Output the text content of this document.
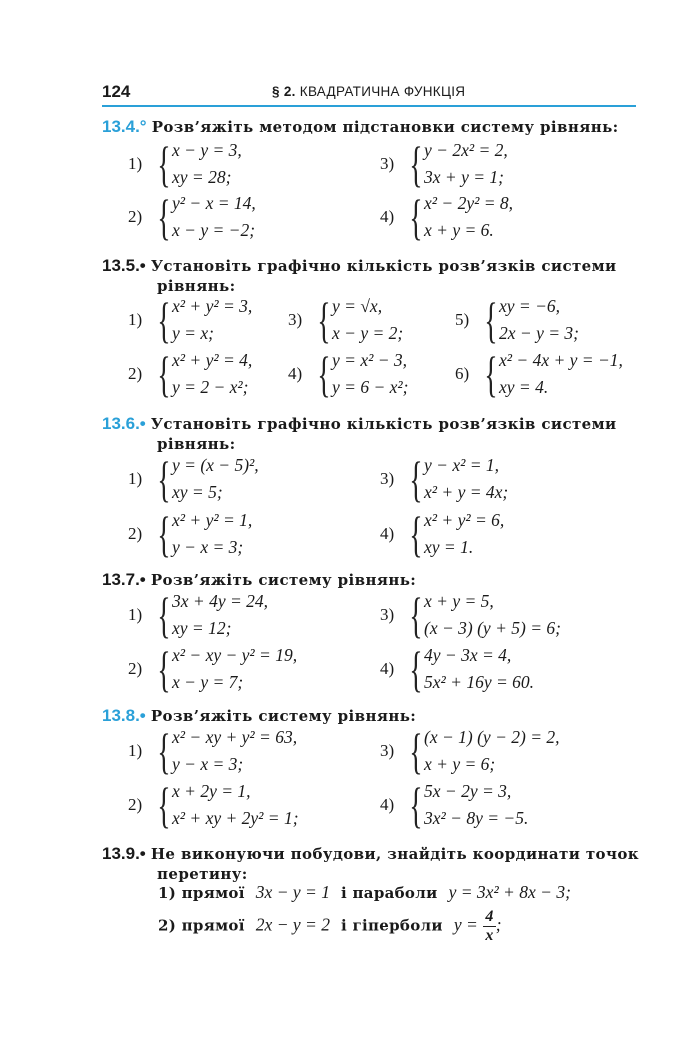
124	§ 2. КВАДРАТИЧНА ФУНКЦІЯ
13.4.° Розв’яжіть методом підстановки систему рівнянь:
1) { x − y = 3,
xy = 28;
3) { y − 2x² = 2,
3x + y = 1;
2) { y² − x = 14,
x − y = −2;
4) { x² − 2y² = 8,
x + y = 6.
13.5.• Установіть графічно кількість розв’язків системи
рівнянь:
1) { x² + y² = 3,
y = x;
3) { y = √x,
x − y = 2;
5) { xy = −6,
2x − y = 3;
2) { x² + y² = 4,
y = 2 − x²;
4) { y = x² − 3,
y = 6 − x²;
6) { x² − 4x + y = −1,
xy = 4.
13.6.• Установіть графічно кількість розв’язків системи
рівнянь:
1) { y = (x − 5)²,
xy = 5;
3) { y − x² = 1,
x² + y = 4x;
2) { x² + y² = 1,
y − x = 3;
4) { x² + y² = 6,
xy = 1.
13.7.• Розв’яжіть систему рівнянь:
1) { 3x + 4y = 24,
xy = 12;
3) { x + y = 5,
(x − 3) (y + 5) = 6;
2) { x² − xy − y² = 19,
x − y = 7;
4) { 4y − 3x = 4,
5x² + 16y = 60.
13.8.• Розв’яжіть систему рівнянь:
1) { x² − xy + y² = 63,
y − x = 3;
3) { (x − 1) (y − 2) = 2,
x + y = 6;
2) { x + 2y = 1,
x² + xy + 2y² = 1;
4) { 5x − 2y = 3,
3x² − 8y = −5.
13.9.• Не виконуючи побудови, знайдіть координати точок
перетину:
1) прямої 3x − y = 1 і параболи y = 3x² + 8x − 3;
2) прямої 2x − y = 2 і гіперболи $y = \frac{4}{x}$ ;
